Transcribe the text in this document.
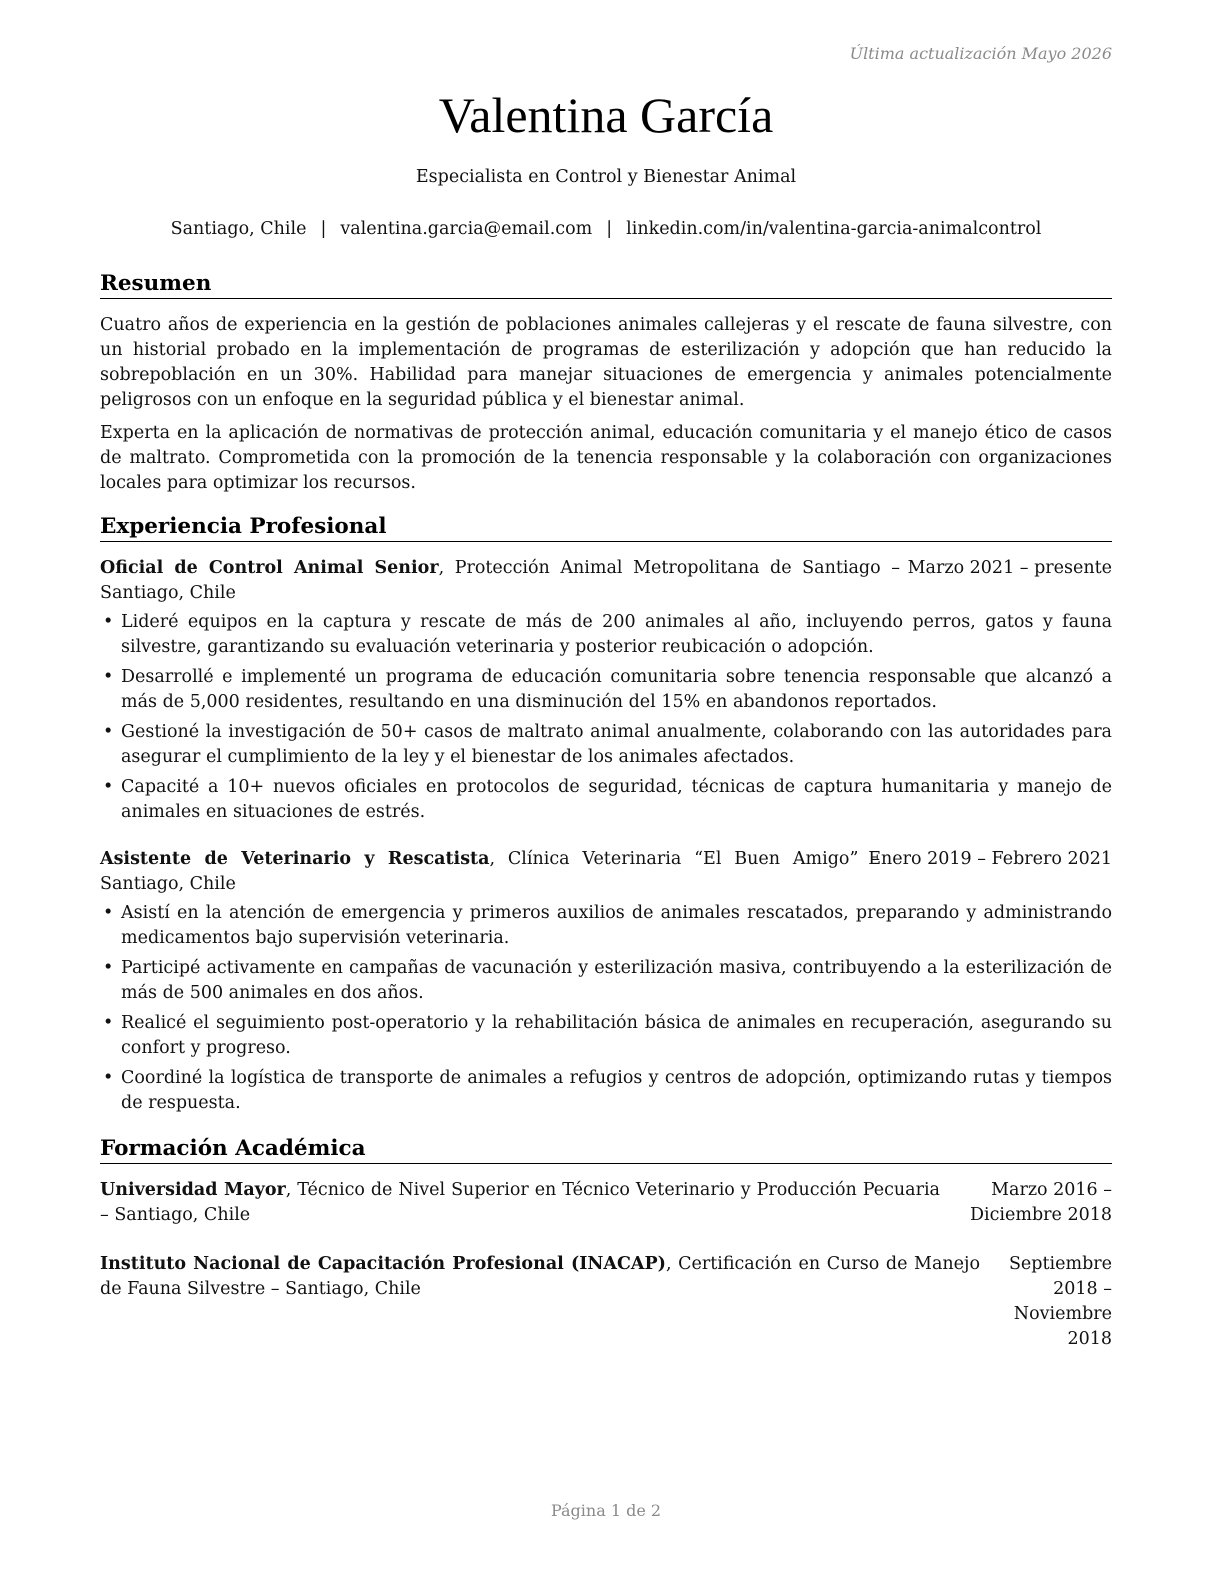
Última actualización Mayo 2026
Valentina García
Especialista en Control y Bienestar Animal
Santiago, Chile | valentina.garcia@email.com | linkedin.com/in/valentina-garcia-animalcontrol
Resumen

Cuatro años de experiencia en la gestión de poblaciones animales callejeras y el rescate de fauna silvestre, con un historial probado en la implementación de programas de esterilización y adopción que han reducido la sobrepoblación en un 30%. Habilidad para manejar situaciones de emergencia y animales potencialmente peligrosos con un enfoque en la seguridad pública y el bienestar animal.

Experta en la aplicación de normativas de protección animal, educación comunitaria y el manejo ético de casos de maltrato. Comprometida con la promoción de la tenencia responsable y la colaboración con organizaciones locales para optimizar los recursos.

Experiencia Profesional
Oficial de Control Animal Senior, Protección Animal Metropolitana de Santiago – Santiago, Chile
Marzo 2021 – presente
• Lideré equipos en la captura y rescate de más de 200 animales al año, incluyendo perros, gatos y fauna silvestre, garantizando su evaluación veterinaria y posterior reubicación o adopción.
• Desarrollé e implementé un programa de educación comunitaria sobre tenencia responsable que alcanzó a más de 5,000 residentes, resultando en una disminución del 15% en abandonos reportados.
• Gestioné la investigación de 50+ casos de maltrato animal anualmente, colaborando con las autoridades para asegurar el cumplimiento de la ley y el bienestar de los animales afectados.
• Capacité a 10+ nuevos oficiales en protocolos de seguridad, técnicas de captura humanitaria y manejo de animales en situaciones de estrés.
Asistente de Veterinario y Rescatista, Clínica Veterinaria “El Buen Amigo” – Santiago, Chile
Enero 2019 – Febrero 2021
• Asistí en la atención de emergencia y primeros auxilios de animales rescatados, preparando y administrando medicamentos bajo supervisión veterinaria.
• Participé activamente en campañas de vacunación y esterilización masiva, contribuyendo a la esterilización de más de 500 animales en dos años.
• Realicé el seguimiento post-operatorio y la rehabilitación básica de animales en recuperación, asegurando su confort y progreso.
• Coordiné la logística de transporte de animales a refugios y centros de adopción, optimizando rutas y tiempos de respuesta.
Formación Académica
Universidad Mayor, Técnico de Nivel Superior en Técnico Veterinario y Producción Pecuaria – Santiago, Chile
Marzo 2016 – Diciembre 2018
Instituto Nacional de Capacitación Profesional (INACAP), Certificación en Curso de Manejo de Fauna Silvestre – Santiago, Chile
Septiembre 2018 – Noviembre 2018
Página 1 de 2
